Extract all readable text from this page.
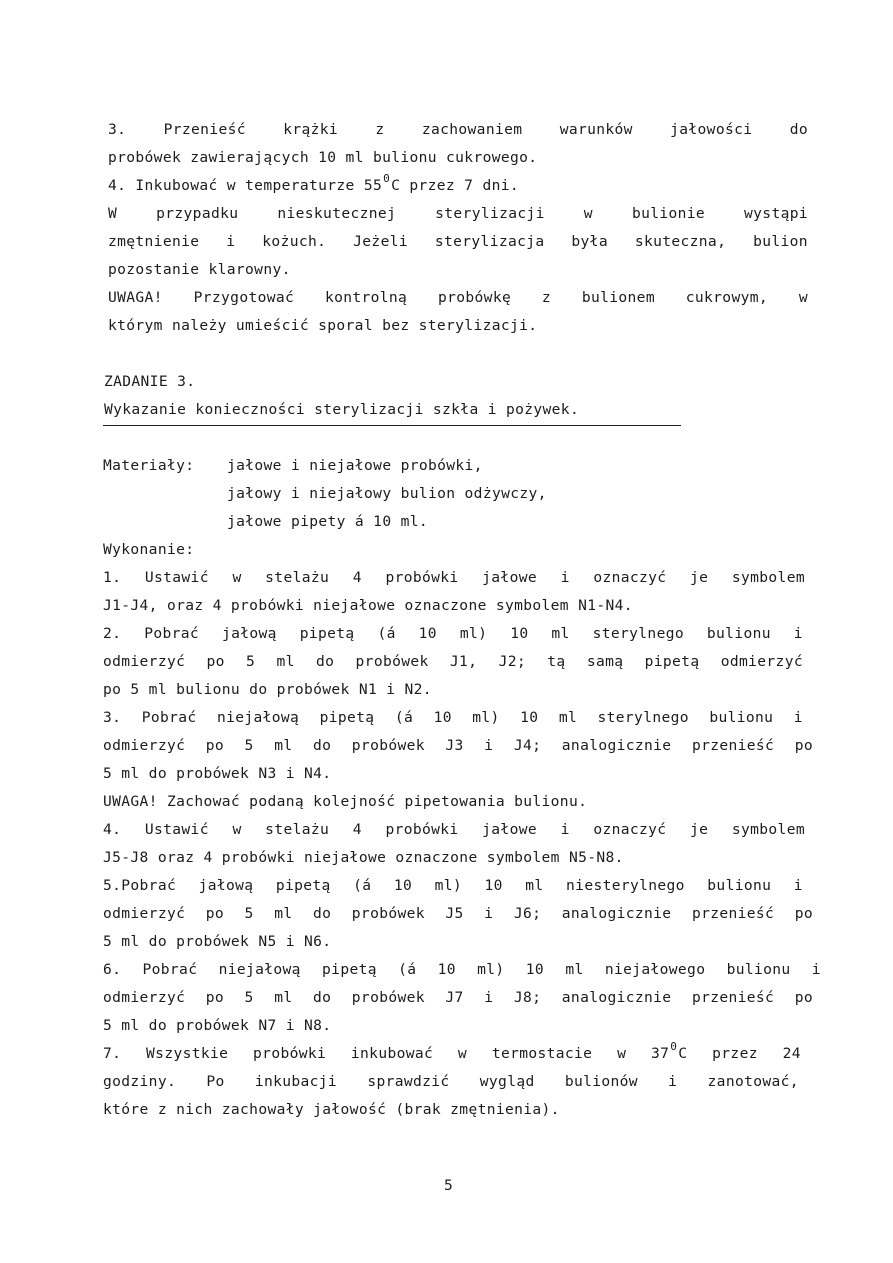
3.	Przenieść	krążki	z	zachowaniem	warunków	jałowości	do
probówek zawierających 10 ml bulionu cukrowego.
4. Inkubować w temperaturze $55^0C$ przez 7 dni.
W	przypadku	nieskutecznej	sterylizacji	w	bulionie	wystąpi
zmętnienie i kożuch. Jeżeli sterylizacja była skuteczna, bulion
pozostanie klarowny.
UWAGA! Przygotować kontrolną probówkę z bulionem cukrowym, w
którym należy umieścić sporal bez sterylizacji.
ZADANIE 3.
Wykazanie konieczności sterylizacji szkła i pożywek.
Materiały: jałowe i niejałowe probówki,
jałowy i niejałowy bulion odżywczy,
jałowe pipety á 10 ml.
Wykonanie:
1. Ustawić w stelażu 4 probówki jałowe i oznaczyć je symbolem
J1-J4, oraz 4 probówki niejałowe oznaczone symbolem N1-N4.
2. Pobrać jałową pipetą (á 10 ml) 10 ml sterylnego bulionu i
odmierzyć po 5 ml do probówek J1, J2; tą samą pipetą odmierzyć
po 5 ml bulionu do probówek N1 i N2.
3. Pobrać niejałową pipetą (á 10 ml) 10 ml sterylnego bulionu i
odmierzyć po 5 ml do probówek J3 i J4; analogicznie przenieść po
5 ml do probówek N3 i N4.
UWAGA! Zachować podaną kolejność pipetowania bulionu.
4. Ustawić w stelażu 4 probówki jałowe i oznaczyć je symbolem
J5-J8 oraz 4 probówki niejałowe oznaczone symbolem N5-N8.
5.Pobrać jałową pipetą (á 10 ml) 10 ml niesterylnego bulionu i
odmierzyć po 5 ml do probówek J5 i J6; analogicznie przenieść po
5 ml do probówek N5 i N6.
6. Pobrać niejałową pipetą (á 10 ml) 10 ml niejałowego bulionu i
odmierzyć po 5 ml do probówek J7 i J8; analogicznie przenieść po
5 ml do probówek N7 i N8.
7. Wszystkie probówki inkubować w termostacie w 370C przez 24
godziny. Po inkubacji sprawdzić wygląd bulionów i zanotować,
które z nich zachowały jałowość (brak zmętnienia).
5
